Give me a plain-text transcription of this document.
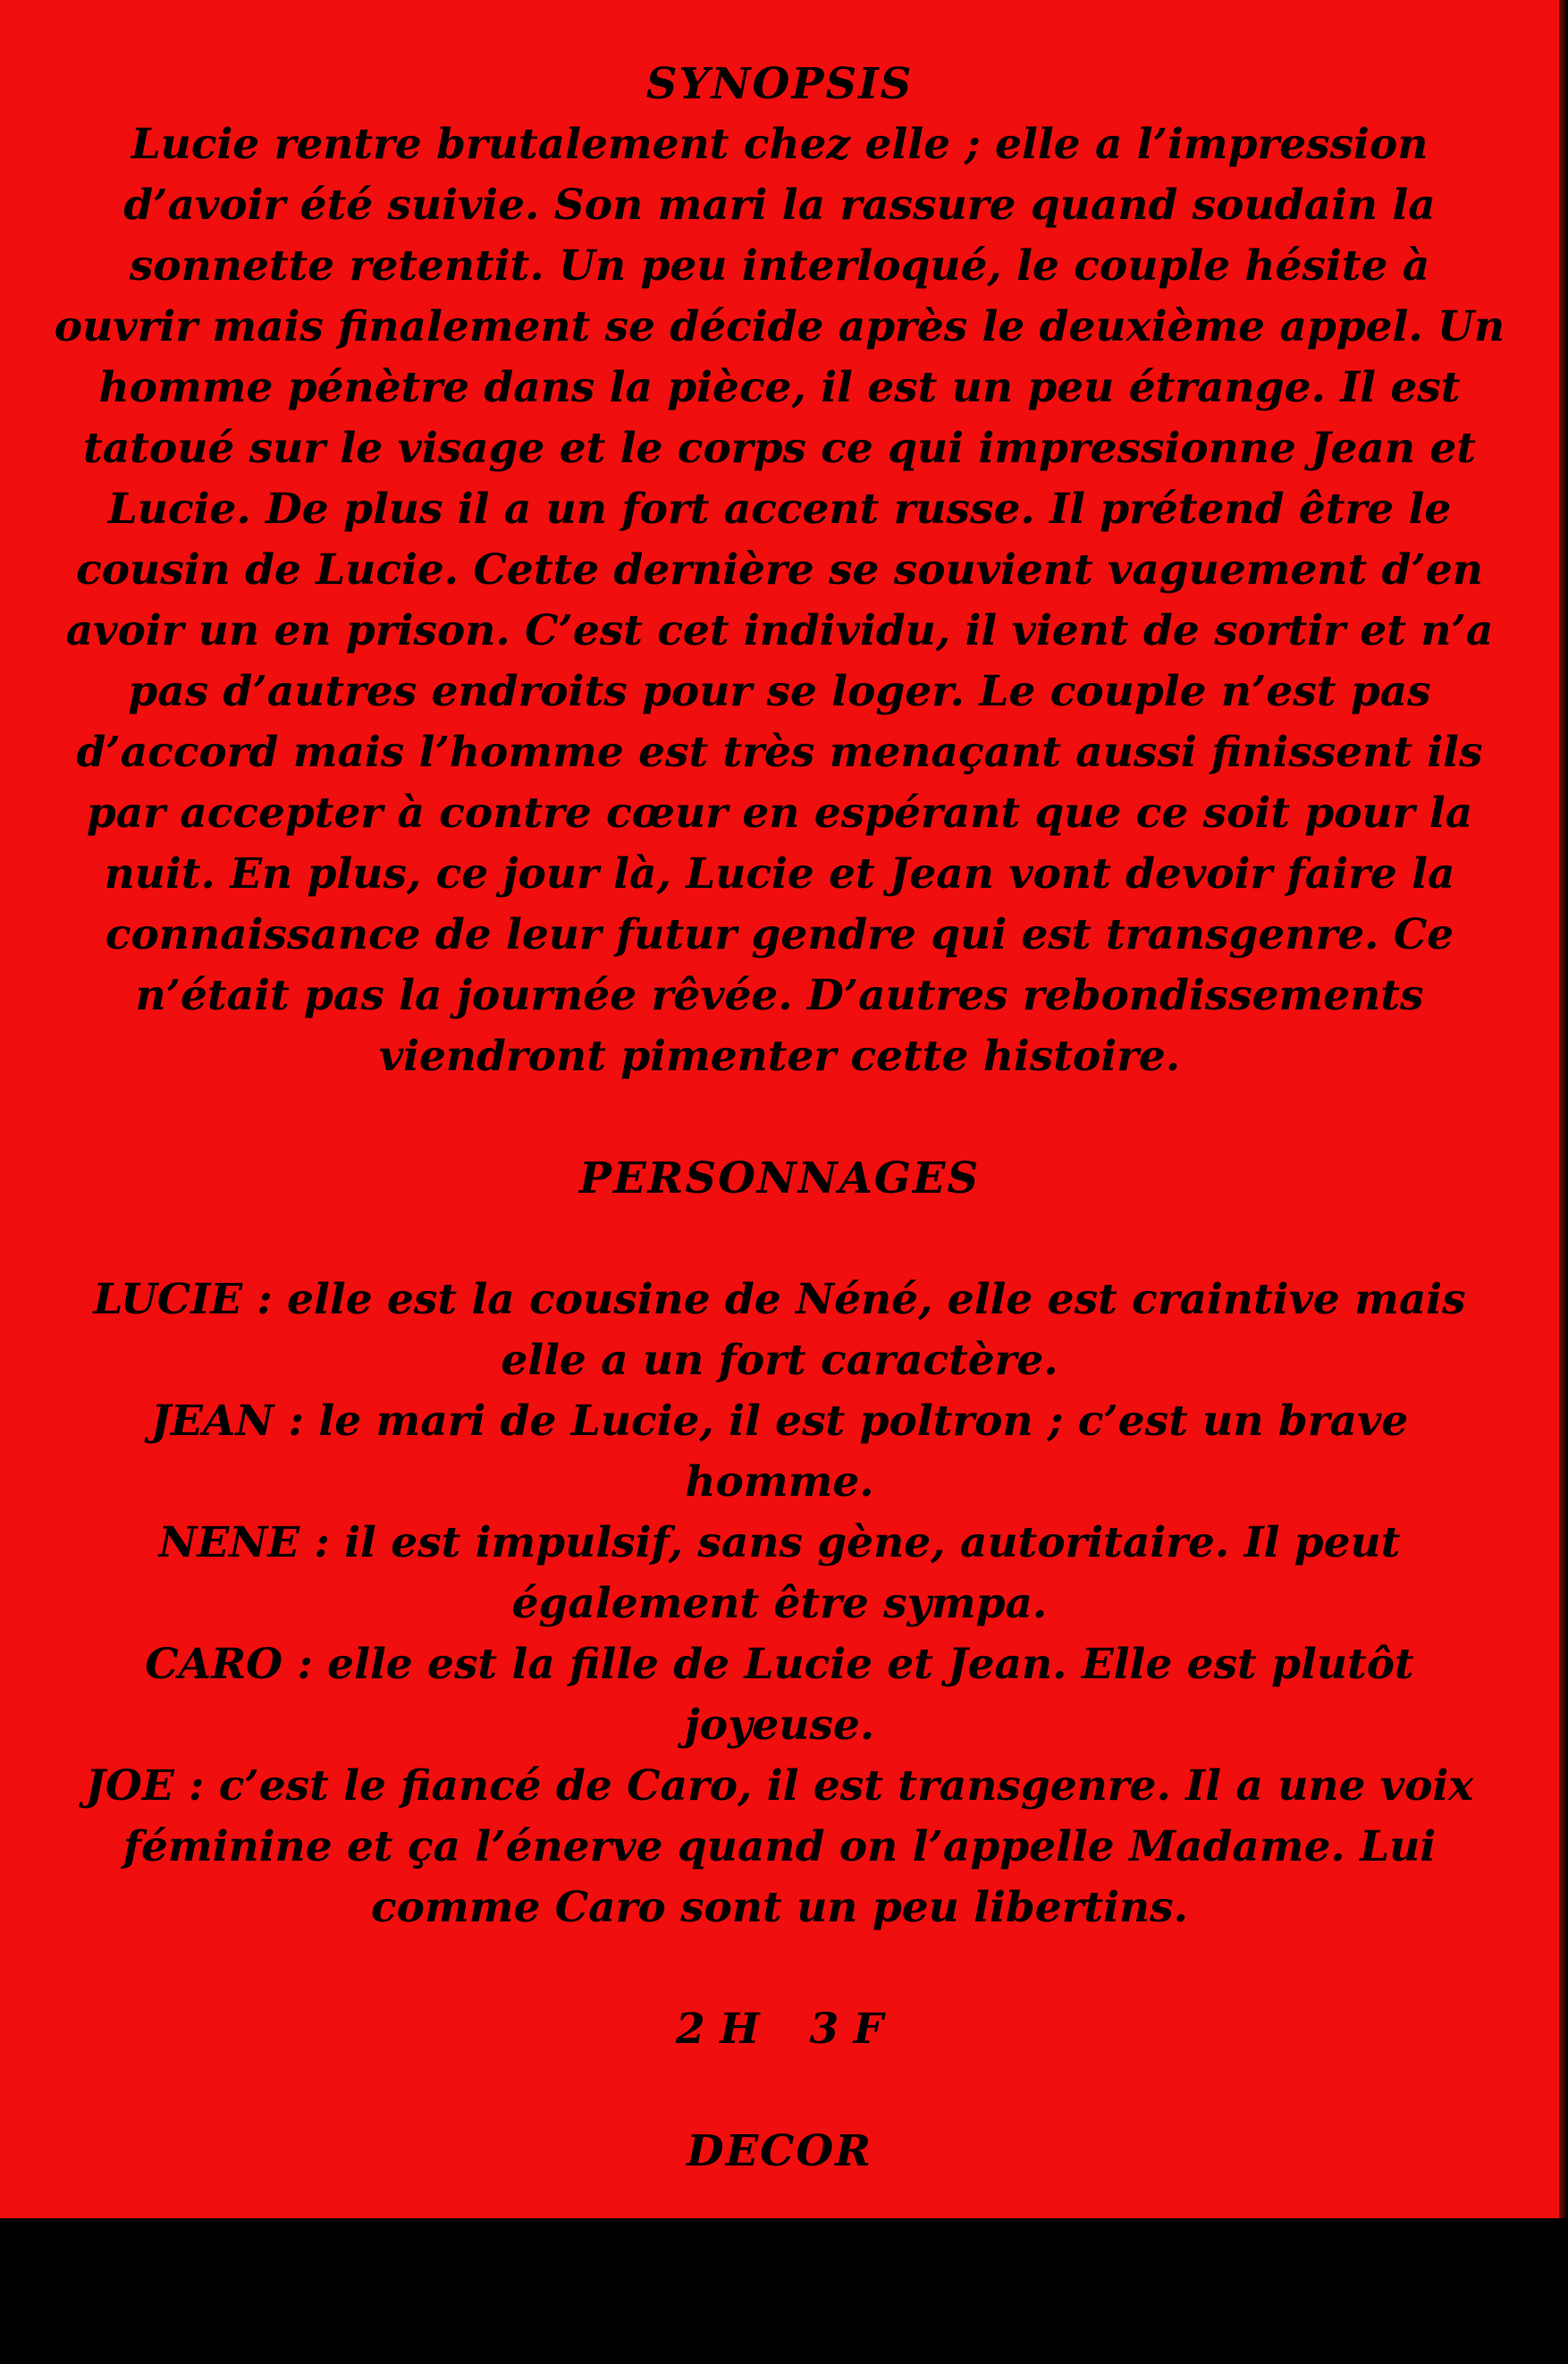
SYNOPSIS

Lucie rentre brutalement chez elle ; elle a l’impression d’avoir été suivie. Son mari la rassure quand soudain la sonnette retentit. Un peu interloqué, le couple hésite à ouvrir mais finalement se décide après le deuxième appel. Un homme pénètre dans la pièce, il est un peu étrange. Il est tatoué sur le visage et le corps ce qui impressionne Jean et Lucie. De plus il a un fort accent russe. Il prétend être le cousin de Lucie. Cette dernière se souvient vaguement d’en avoir un en prison. C’est cet individu, il vient de sortir et n’a pas d’autres endroits pour se loger. Le couple n’est pas d’accord mais l’homme est très menaçant aussi finissent ils par accepter à contre cœur en espérant que ce soit pour la nuit. En plus, ce jour là, Lucie et Jean vont devoir faire la connaissance de leur futur gendre qui est transgenre. Ce n’était pas la journée rêvée. D’autres rebondissements viendront pimenter cette histoire.

PERSONNAGES

LUCIE : elle est la cousine de Néné, elle est craintive mais elle a un fort caractère.

JEAN : le mari de Lucie, il est poltron ; c’est un brave homme.

NENE : il est impulsif, sans gène, autoritaire. Il peut également être sympa.

CARO : elle est la fille de Lucie et Jean. Elle est plutôt joyeuse.

JOE : c’est le fiancé de Caro, il est transgenre. Il a une voix féminine et ça l’énerve quand on l’appelle Madame. Lui comme Caro sont un peu libertins.

2 H 3 F

DECOR

Un salon salle à manger au début qui se transformera à la fin pour donner l’apparence et l’ambiance des Iles Bahamas.
